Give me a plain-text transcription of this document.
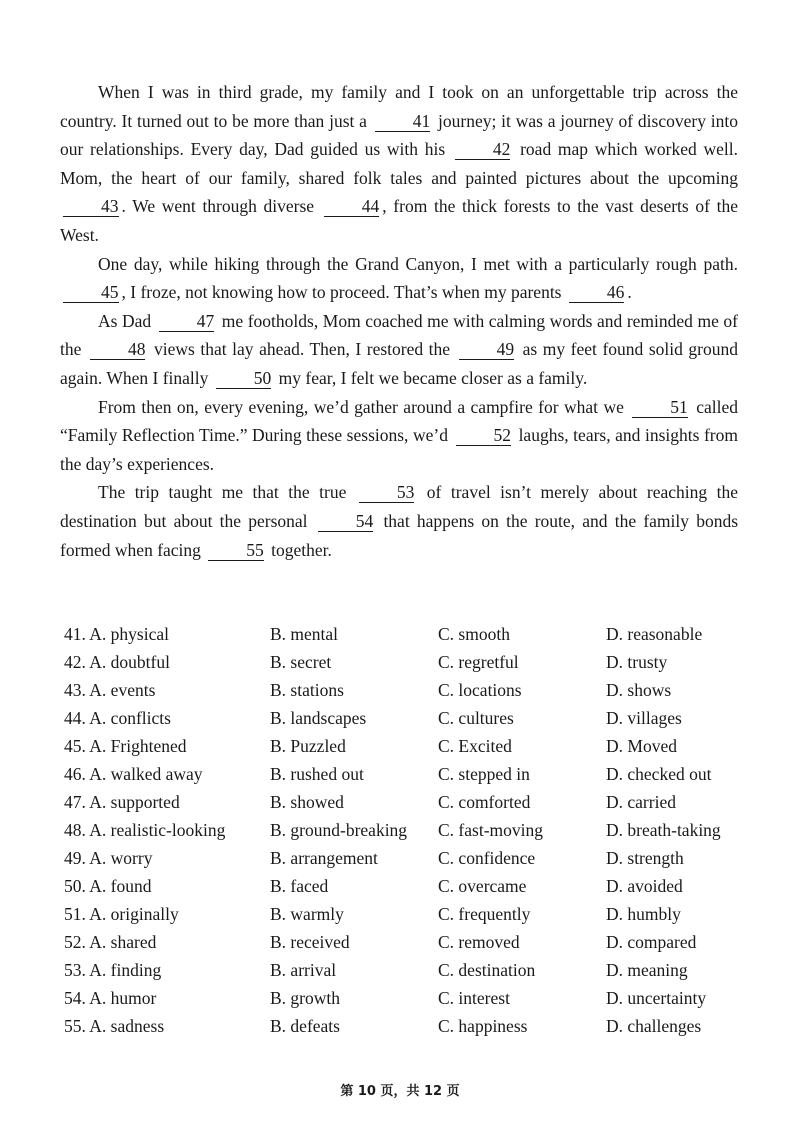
When I was in third grade, my family and I took on an unforgettable trip across the country. It turned out to be more than just a 41 journey; it was a journey of discovery into our relationships. Every day, Dad guided us with his 42 road map which worked well. Mom, the heart of our family, shared folk tales and painted pictures about the upcoming 43 . We went through diverse 44 , from the thick forests to the vast deserts of the West.

One day, while hiking through the Grand Canyon, I met with a particularly rough path. 45 , I froze, not knowing how to proceed. That’s when my parents 46 .

As Dad 47 me footholds, Mom coached me with calming words and reminded me of the 48 views that lay ahead. Then, I restored the 49 as my feet found solid ground again. When I finally 50 my fear, I felt we became closer as a family.

From then on, every evening, we’d gather around a campfire for what we 51 called “Family Reflection Time.” During these sessions, we’d 52 laughs, tears, and insights from the day’s experiences.

The trip taught me that the true 53 of travel isn’t merely about reaching the destination but about the personal 54 that happens on the route, and the family bonds formed when facing 55 together.

41. A. physical	B. mental	C. smooth	D. reasonable
42. A. doubtful	B. secret	C. regretful	D. trusty
43. A. events	B. stations	C. locations	D. shows
44. A. conflicts	B. landscapes	C. cultures	D. villages
45. A. Frightened	B. Puzzled	C. Excited	D. Moved
46. A. walked away	B. rushed out	C. stepped in	D. checked out
47. A. supported	B. showed	C. comforted	D. carried
48. A. realistic-looking	B. ground-breaking	C. fast-moving	D. breath-taking
49. A. worry	B. arrangement	C. confidence	D. strength
50. A. found	B. faced	C. overcame	D. avoided
51. A. originally	B. warmly	C. frequently	D. humbly
52. A. shared	B. received	C. removed	D. compared
53. A. finding	B. arrival	C. destination	D. meaning
54. A. humor	B. growth	C. interest	D. uncertainty
55. A. sadness	B. defeats	C. happiness	D. challenges
第 10 页，共 12 页
